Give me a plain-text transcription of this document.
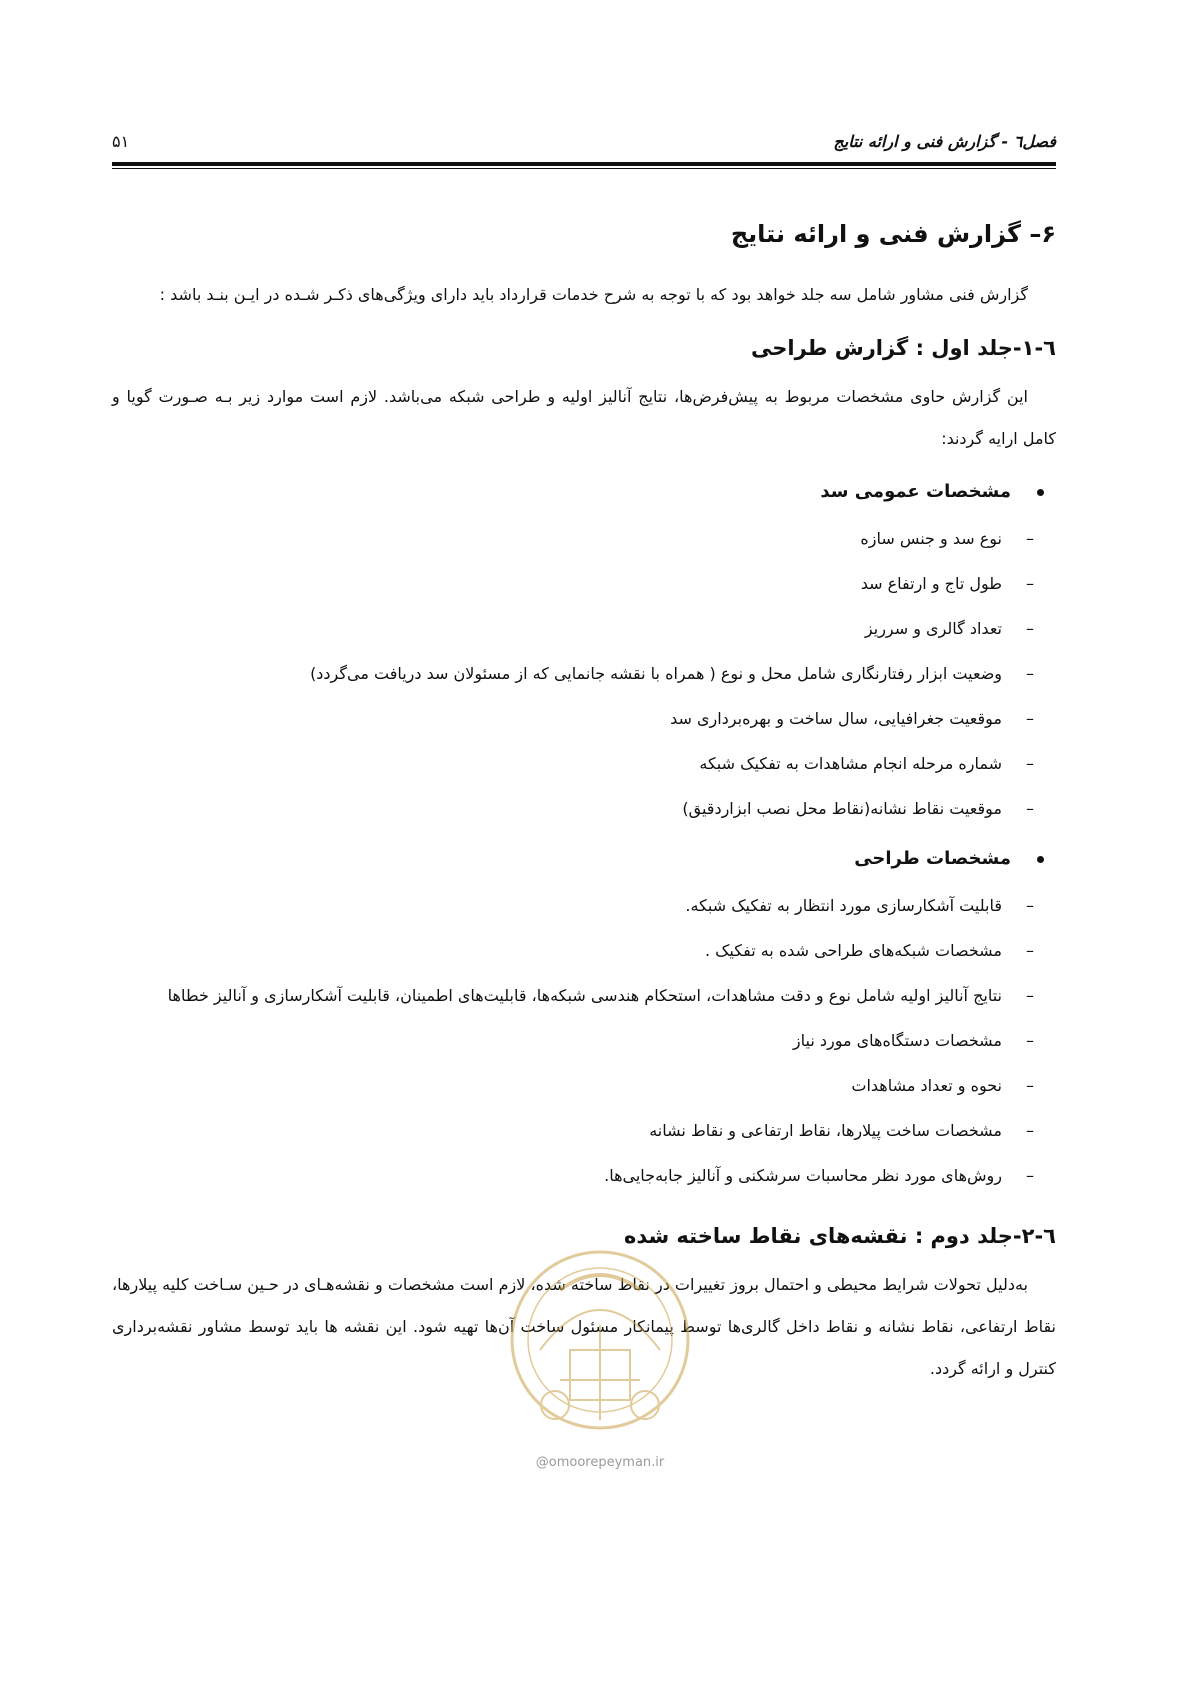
فصل٦ - گزارش فنی و ارائه نتایج
۵۱
۶– گزارش فنی و ارائه نتایج

گزارش فنی مشاور شامل سه جلد خواهد بود که با توجه به شرح خدمات قرارداد باید دارای ویژگی‌های ذکـر شـده در ایـن بنـد باشد :

٦-١-جلد اول : گزارش طراحی

این گزارش حاوی مشخصات مربوط به پیش‌فرض‌ها، نتایج آنالیز اولیه و طراحی شبکه می‌باشد. لازم است موارد زیر بـه صـورت گویا و کامل ارایه گردند:

مشخصات عمومی سد
–
نوع سد و جنس سازه
–
طول تاج و ارتفاع سد
–
تعداد گالری و سرریز
–
وضعیت ابزار رفتارنگاری شامل محل و نوع ( همراه با نقشه جانمایی که از مسئولان سد دریافت می‌گردد)
–
موقعیت جغرافیایی، سال ساخت و بهره‌برداری سد
–
شماره مرحله انجام مشاهدات به تفکیک شبکه
–
موقعیت نقاط نشانه(نقاط محل نصب ابزاردقیق)
مشخصات طراحی
–
قابلیت آشکارسازی مورد انتظار به تفکیک شبکه.
–
مشخصات شبکه‌های طراحی شده به تفکیک .
–
نتایج آنالیز اولیه شامل نوع و دقت مشاهدات، استحکام هندسی شبکه‌ها، قابلیت‌های اطمینان، قابلیت آشکارسازی و آنالیز خطاها
–
مشخصات دستگاه‌های مورد نیاز
–
نحوه و تعداد مشاهدات
–
مشخصات ساخت پیلارها، نقاط ارتفاعی و نقاط نشانه
–
روش‌های مورد نظر محاسبات سرشکنی و آنالیز جابه‌جایی‌ها.
٦-٢-جلد دوم : نقشه‌های نقاط ساخته شده

به‌دلیل تحولات شرایط محیطی و احتمال بروز تغییرات در نقاط ساخته شده، لازم است مشخصات و نقشه‌هـای در حـین سـاخت کلیه پیلارها، نقاط ارتفاعی، نقاط نشانه و نقاط داخل گالری‌ها توسط پیمانکار مسئول ساخت آن‌ها تهیه شود. این نقشه ها باید توسط مشاور نقشه‌برداری کنترل و ارائه گردد.

@omoorepeyman.ir
